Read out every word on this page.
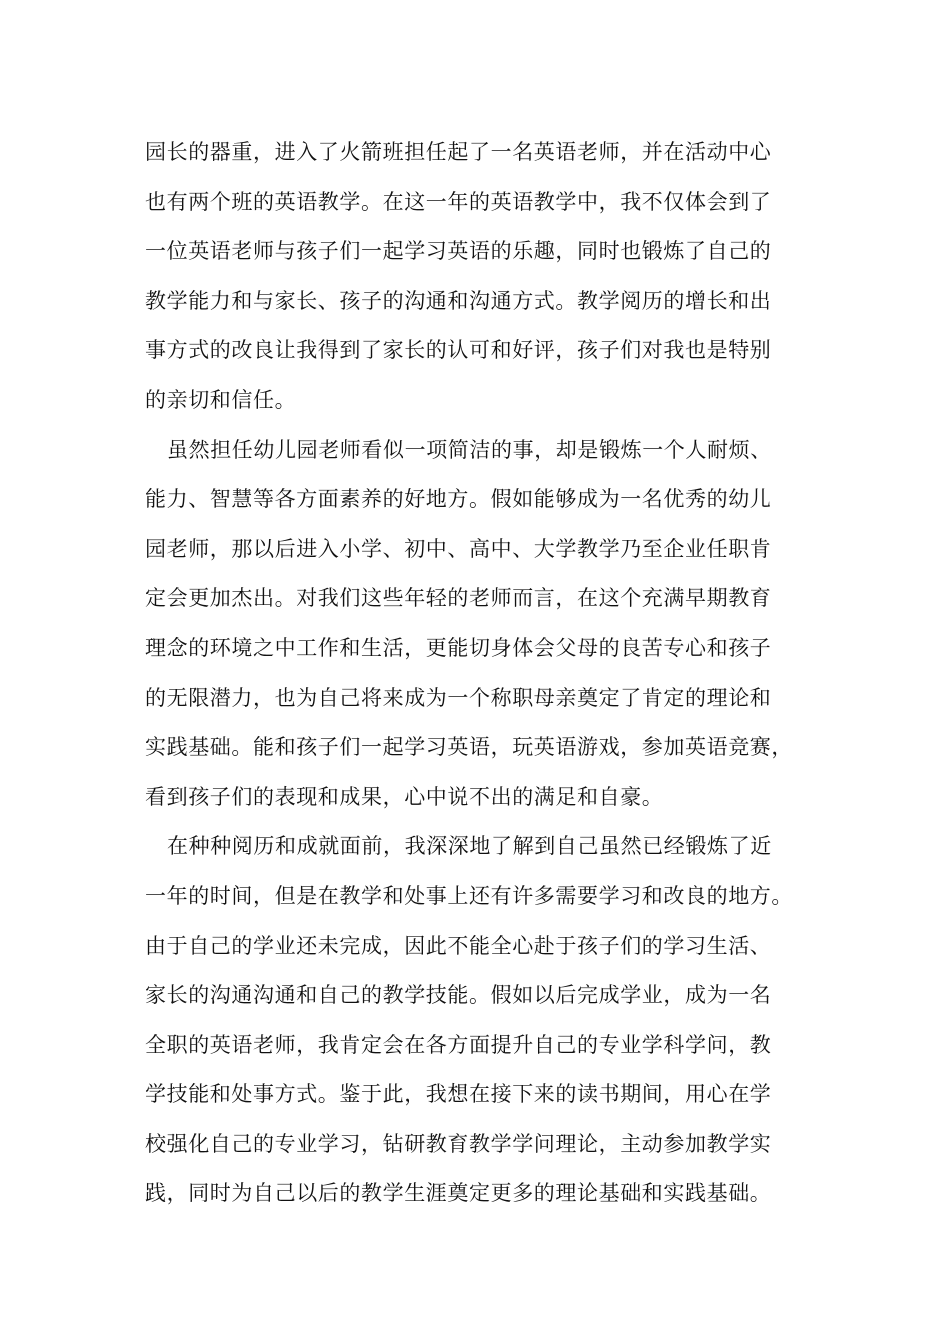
园长的器重，进入了火箭班担任起了一名英语老师，并在活动中心
也有两个班的英语教学。在这一年的英语教学中，我不仅体会到了
一位英语老师与孩子们一起学习英语的乐趣，同时也锻炼了自己的
教学能力和与家长、孩子的沟通和沟通方式。教学阅历的增长和出
事方式的改良让我得到了家长的认可和好评，孩子们对我也是特别
的亲切和信任。
虽然担任幼儿园老师看似一项简洁的事，却是锻炼一个人耐烦、
能力、智慧等各方面素养的好地方。假如能够成为一名优秀的幼儿
园老师，那以后进入小学、初中、高中、大学教学乃至企业任职肯
定会更加杰出。对我们这些年轻的老师而言，在这个充满早期教育
理念的环境之中工作和生活，更能切身体会父母的良苦专心和孩子
的无限潜力，也为自己将来成为一个称职母亲奠定了肯定的理论和
实践基础。能和孩子们一起学习英语，玩英语游戏，参加英语竞赛，
看到孩子们的表现和成果，心中说不出的满足和自豪。
在种种阅历和成就面前，我深深地了解到自己虽然已经锻炼了近
一年的时间，但是在教学和处事上还有许多需要学习和改良的地方。
由于自己的学业还未完成，因此不能全心赴于孩子们的学习生活、
家长的沟通沟通和自己的教学技能。假如以后完成学业，成为一名
全职的英语老师，我肯定会在各方面提升自己的专业学科学问，教
学技能和处事方式。鉴于此，我想在接下来的读书期间，用心在学
校强化自己的专业学习，钻研教育教学学问理论，主动参加教学实
践，同时为自己以后的教学生涯奠定更多的理论基础和实践基础。
